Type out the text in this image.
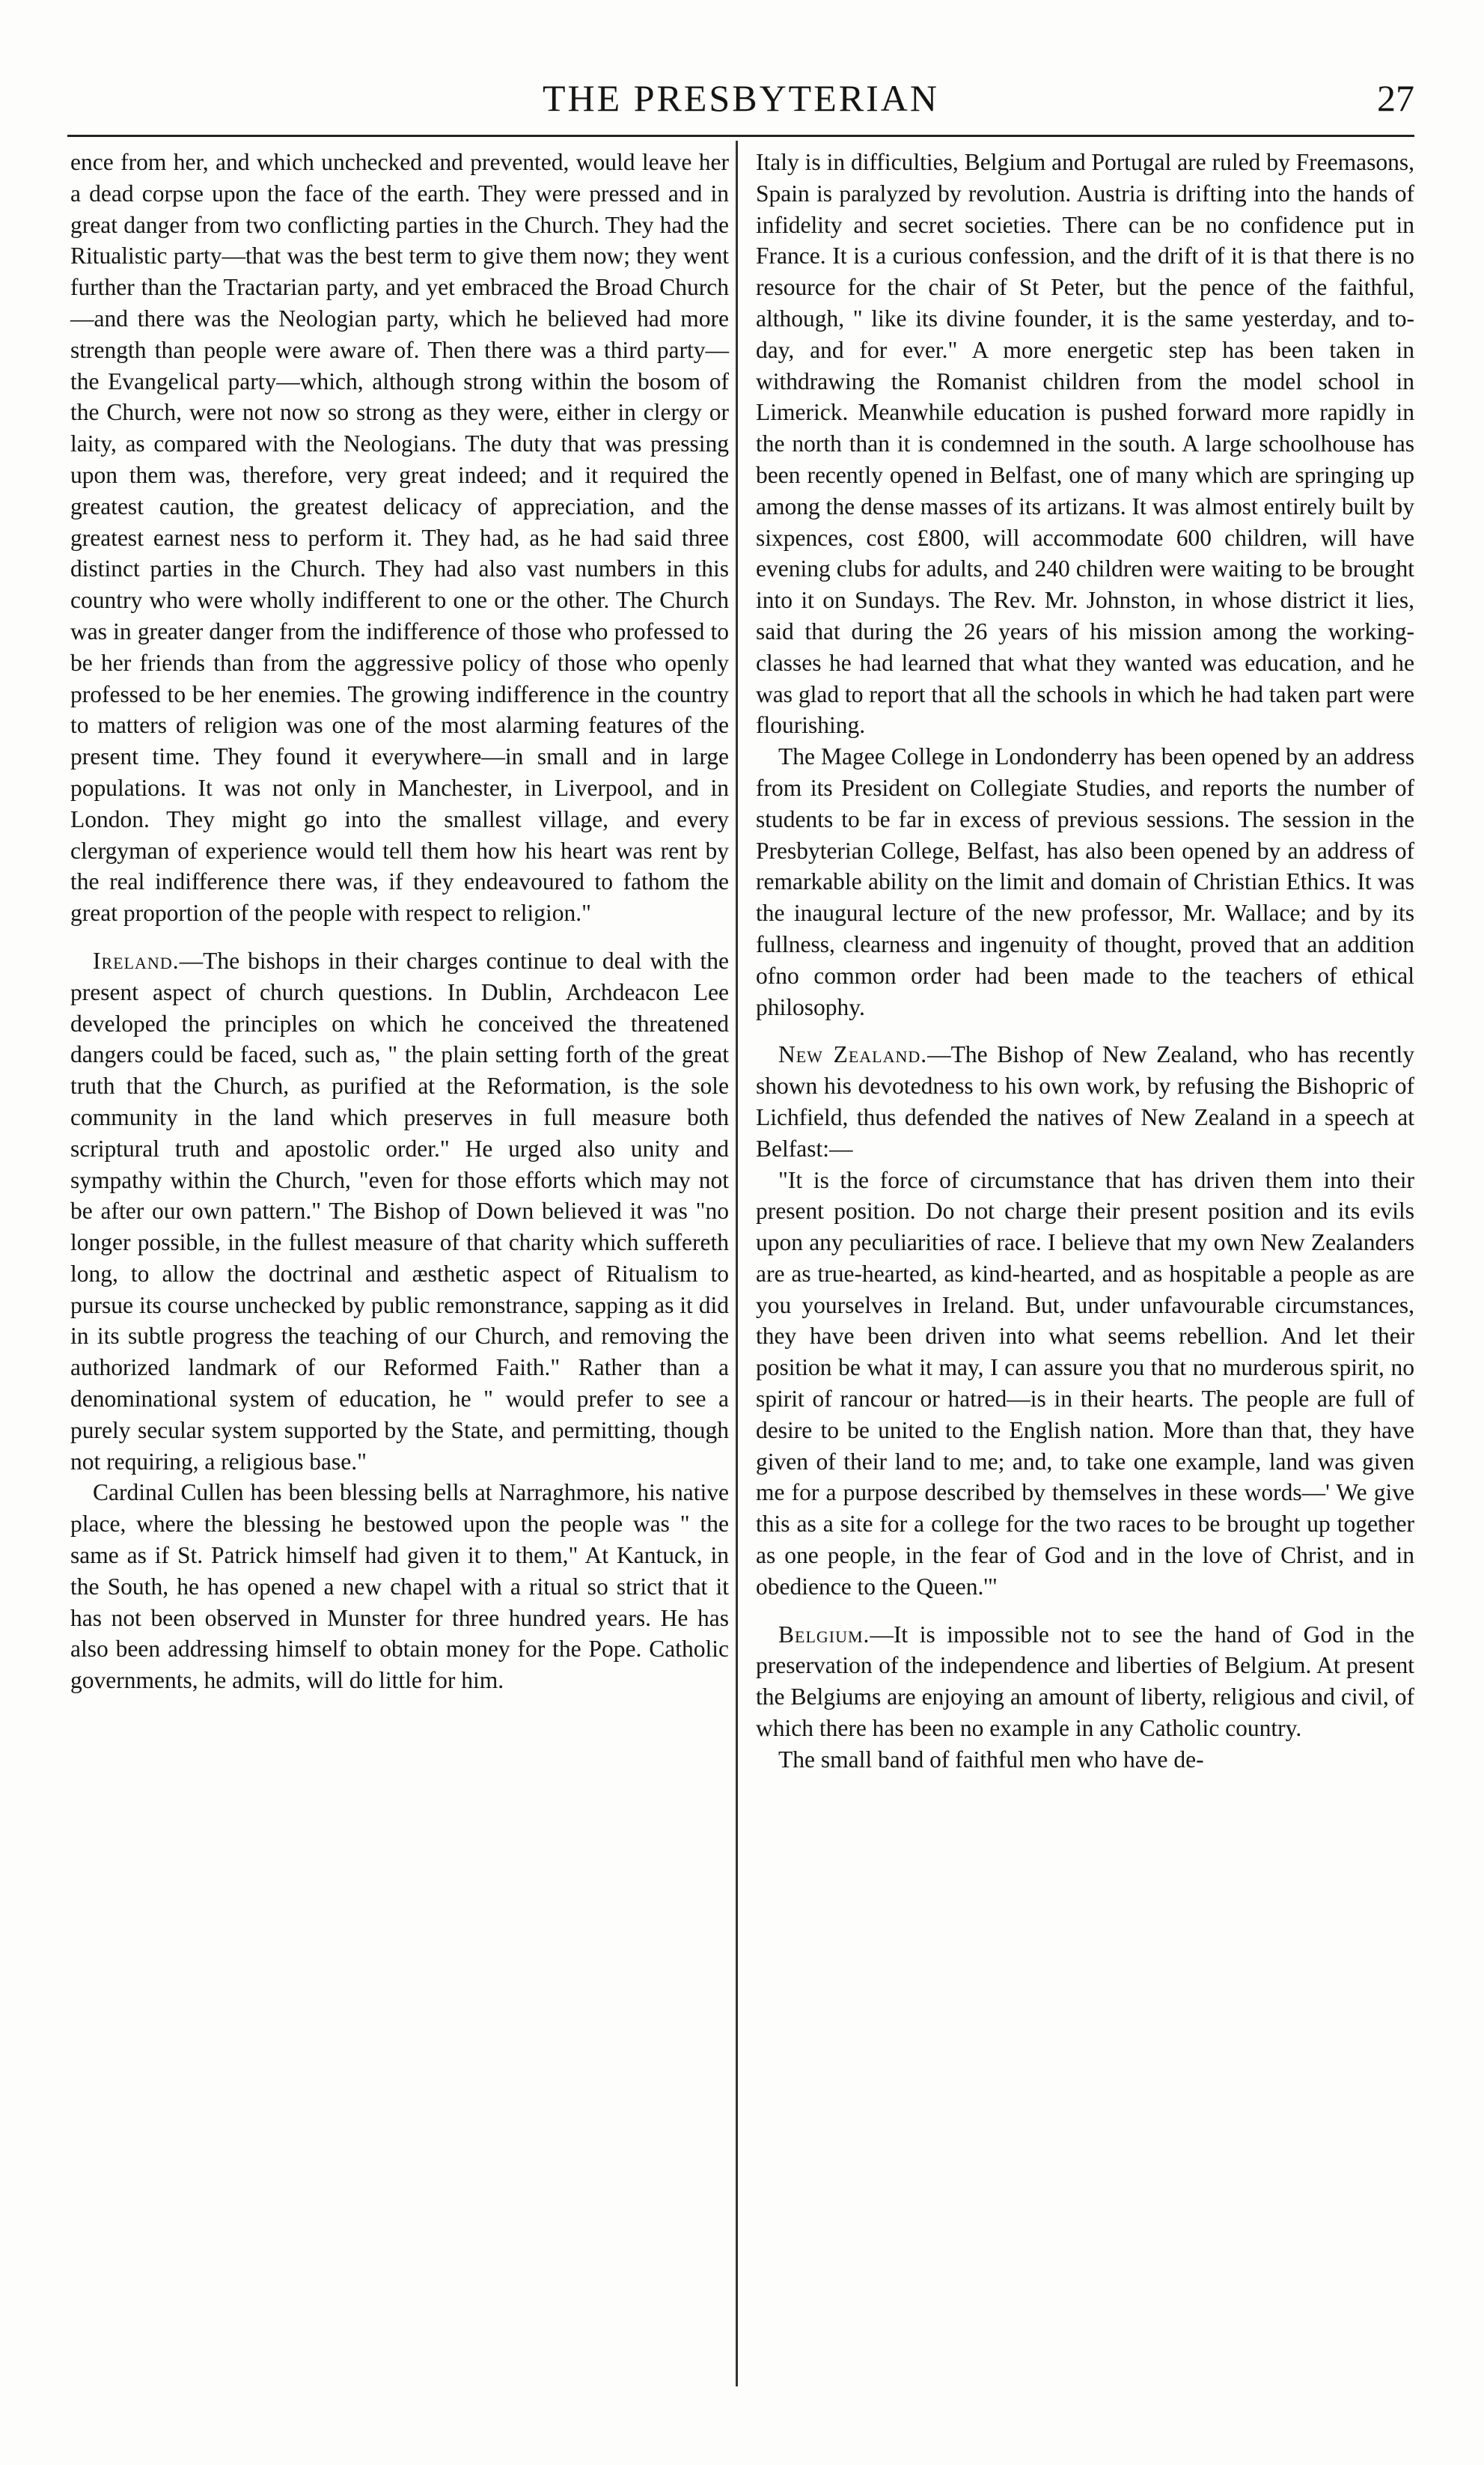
THE PRESBYTERIAN	27

ence from her, and which unchecked and prevented, would leave her a dead corpse upon the face of the earth. They were pressed and in great danger from two conflicting parties in the Church. They had the Ritualistic party—that was the best term to give them now; they went further than the Tractarian party, and yet embraced the Broad Church—and there was the Neologian party, which he believed had more strength than people were aware of. Then there was a third party—the Evangelical party—which, although strong within the bosom of the Church, were not now so strong as they were, either in clergy or laity, as compared with the Neologians. The duty that was pressing upon them was, therefore, very great indeed; and it required the greatest caution, the greatest delicacy of appreciation, and the greatest earnest ness to perform it. They had, as he had said three distinct parties in the Church. They had also vast numbers in this country who were wholly indifferent to one or the other. The Church was in greater danger from the indifference of those who professed to be her friends than from the aggressive policy of those who openly professed to be her enemies. The growing indifference in the country to matters of religion was one of the most alarming features of the present time. They found it everywhere—in small and in large populations. It was not only in Manchester, in Liverpool, and in London. They might go into the smallest village, and every clergyman of experience would tell them how his heart was rent by the real indifference there was, if they endeavoured to fathom the great proportion of the people with respect to religion."

Ireland.—The bishops in their charges continue to deal with the present aspect of church questions. In Dublin, Archdeacon Lee developed the principles on which he conceived the threatened dangers could be faced, such as, " the plain setting forth of the great truth that the Church, as purified at the Reformation, is the sole community in the land which preserves in full measure both scriptural truth and apostolic order." He urged also unity and sympathy within the Church, "even for those efforts which may not be after our own pattern." The Bishop of Down believed it was "no longer possible, in the fullest measure of that charity which suffereth long, to allow the doctrinal and æsthetic aspect of Ritualism to pursue its course unchecked by public remonstrance, sapping as it did in its subtle progress the teaching of our Church, and removing the authorized landmark of our Reformed Faith." Rather than a denominational system of education, he " would prefer to see a purely secular system supported by the State, and permitting, though not requiring, a religious base."

Cardinal Cullen has been blessing bells at Narraghmore, his native place, where the blessing he bestowed upon the people was " the same as if St. Patrick himself had given it to them," At Kantuck, in the South, he has opened a new chapel with a ritual so strict that it has not been observed in Munster for three hundred years. He has also been addressing himself to obtain money for the Pope. Catholic governments, he admits, will do little for him.

Italy is in difficulties, Belgium and Portugal are ruled by Freemasons, Spain is paralyzed by revolution. Austria is drifting into the hands of infidelity and secret societies. There can be no confidence put in France. It is a curious confession, and the drift of it is that there is no resource for the chair of St Peter, but the pence of the faithful, although, " like its divine founder, it is the same yesterday, and to-day, and for ever." A more energetic step has been taken in withdrawing the Romanist children from the model school in Limerick. Meanwhile education is pushed forward more rapidly in the north than it is condemned in the south. A large schoolhouse has been recently opened in Belfast, one of many which are springing up among the dense masses of its artizans. It was almost entirely built by sixpences, cost £800, will accommodate 600 children, will have evening clubs for adults, and 240 children were waiting to be brought into it on Sundays. The Rev. Mr. Johnston, in whose district it lies, said that during the 26 years of his mission among the working-classes he had learned that what they wanted was education, and he was glad to report that all the schools in which he had taken part were flourishing.

The Magee College in Londonderry has been opened by an address from its President on Collegiate Studies, and reports the number of students to be far in excess of previous sessions. The session in the Presbyterian College, Belfast, has also been opened by an address of remarkable ability on the limit and domain of Christian Ethics. It was the inaugural lecture of the new professor, Mr. Wallace; and by its fullness, clearness and ingenuity of thought, proved that an addition ofno common order had been made to the teachers of ethical philosophy.

New Zealand.—The Bishop of New Zealand, who has recently shown his devotedness to his own work, by refusing the Bishopric of Lichfield, thus defended the natives of New Zealand in a speech at Belfast:—

"It is the force of circumstance that has driven them into their present position. Do not charge their present position and its evils upon any peculiarities of race. I believe that my own New Zealanders are as true-hearted, as kind-hearted, and as hospitable a people as are you yourselves in Ireland. But, under unfavourable circumstances, they have been driven into what seems rebellion. And let their position be what it may, I can assure you that no murderous spirit, no spirit of rancour or hatred—is in their hearts. The people are full of desire to be united to the English nation. More than that, they have given of their land to me; and, to take one example, land was given me for a purpose described by themselves in these words—' We give this as a site for a college for the two races to be brought up together as one people, in the fear of God and in the love of Christ, and in obedience to the Queen.'"

Belgium.—It is impossible not to see the hand of God in the preservation of the independence and liberties of Belgium. At present the Belgiums are enjoying an amount of liberty, religious and civil, of which there has been no example in any Catholic country.

The small band of faithful men who have de-
